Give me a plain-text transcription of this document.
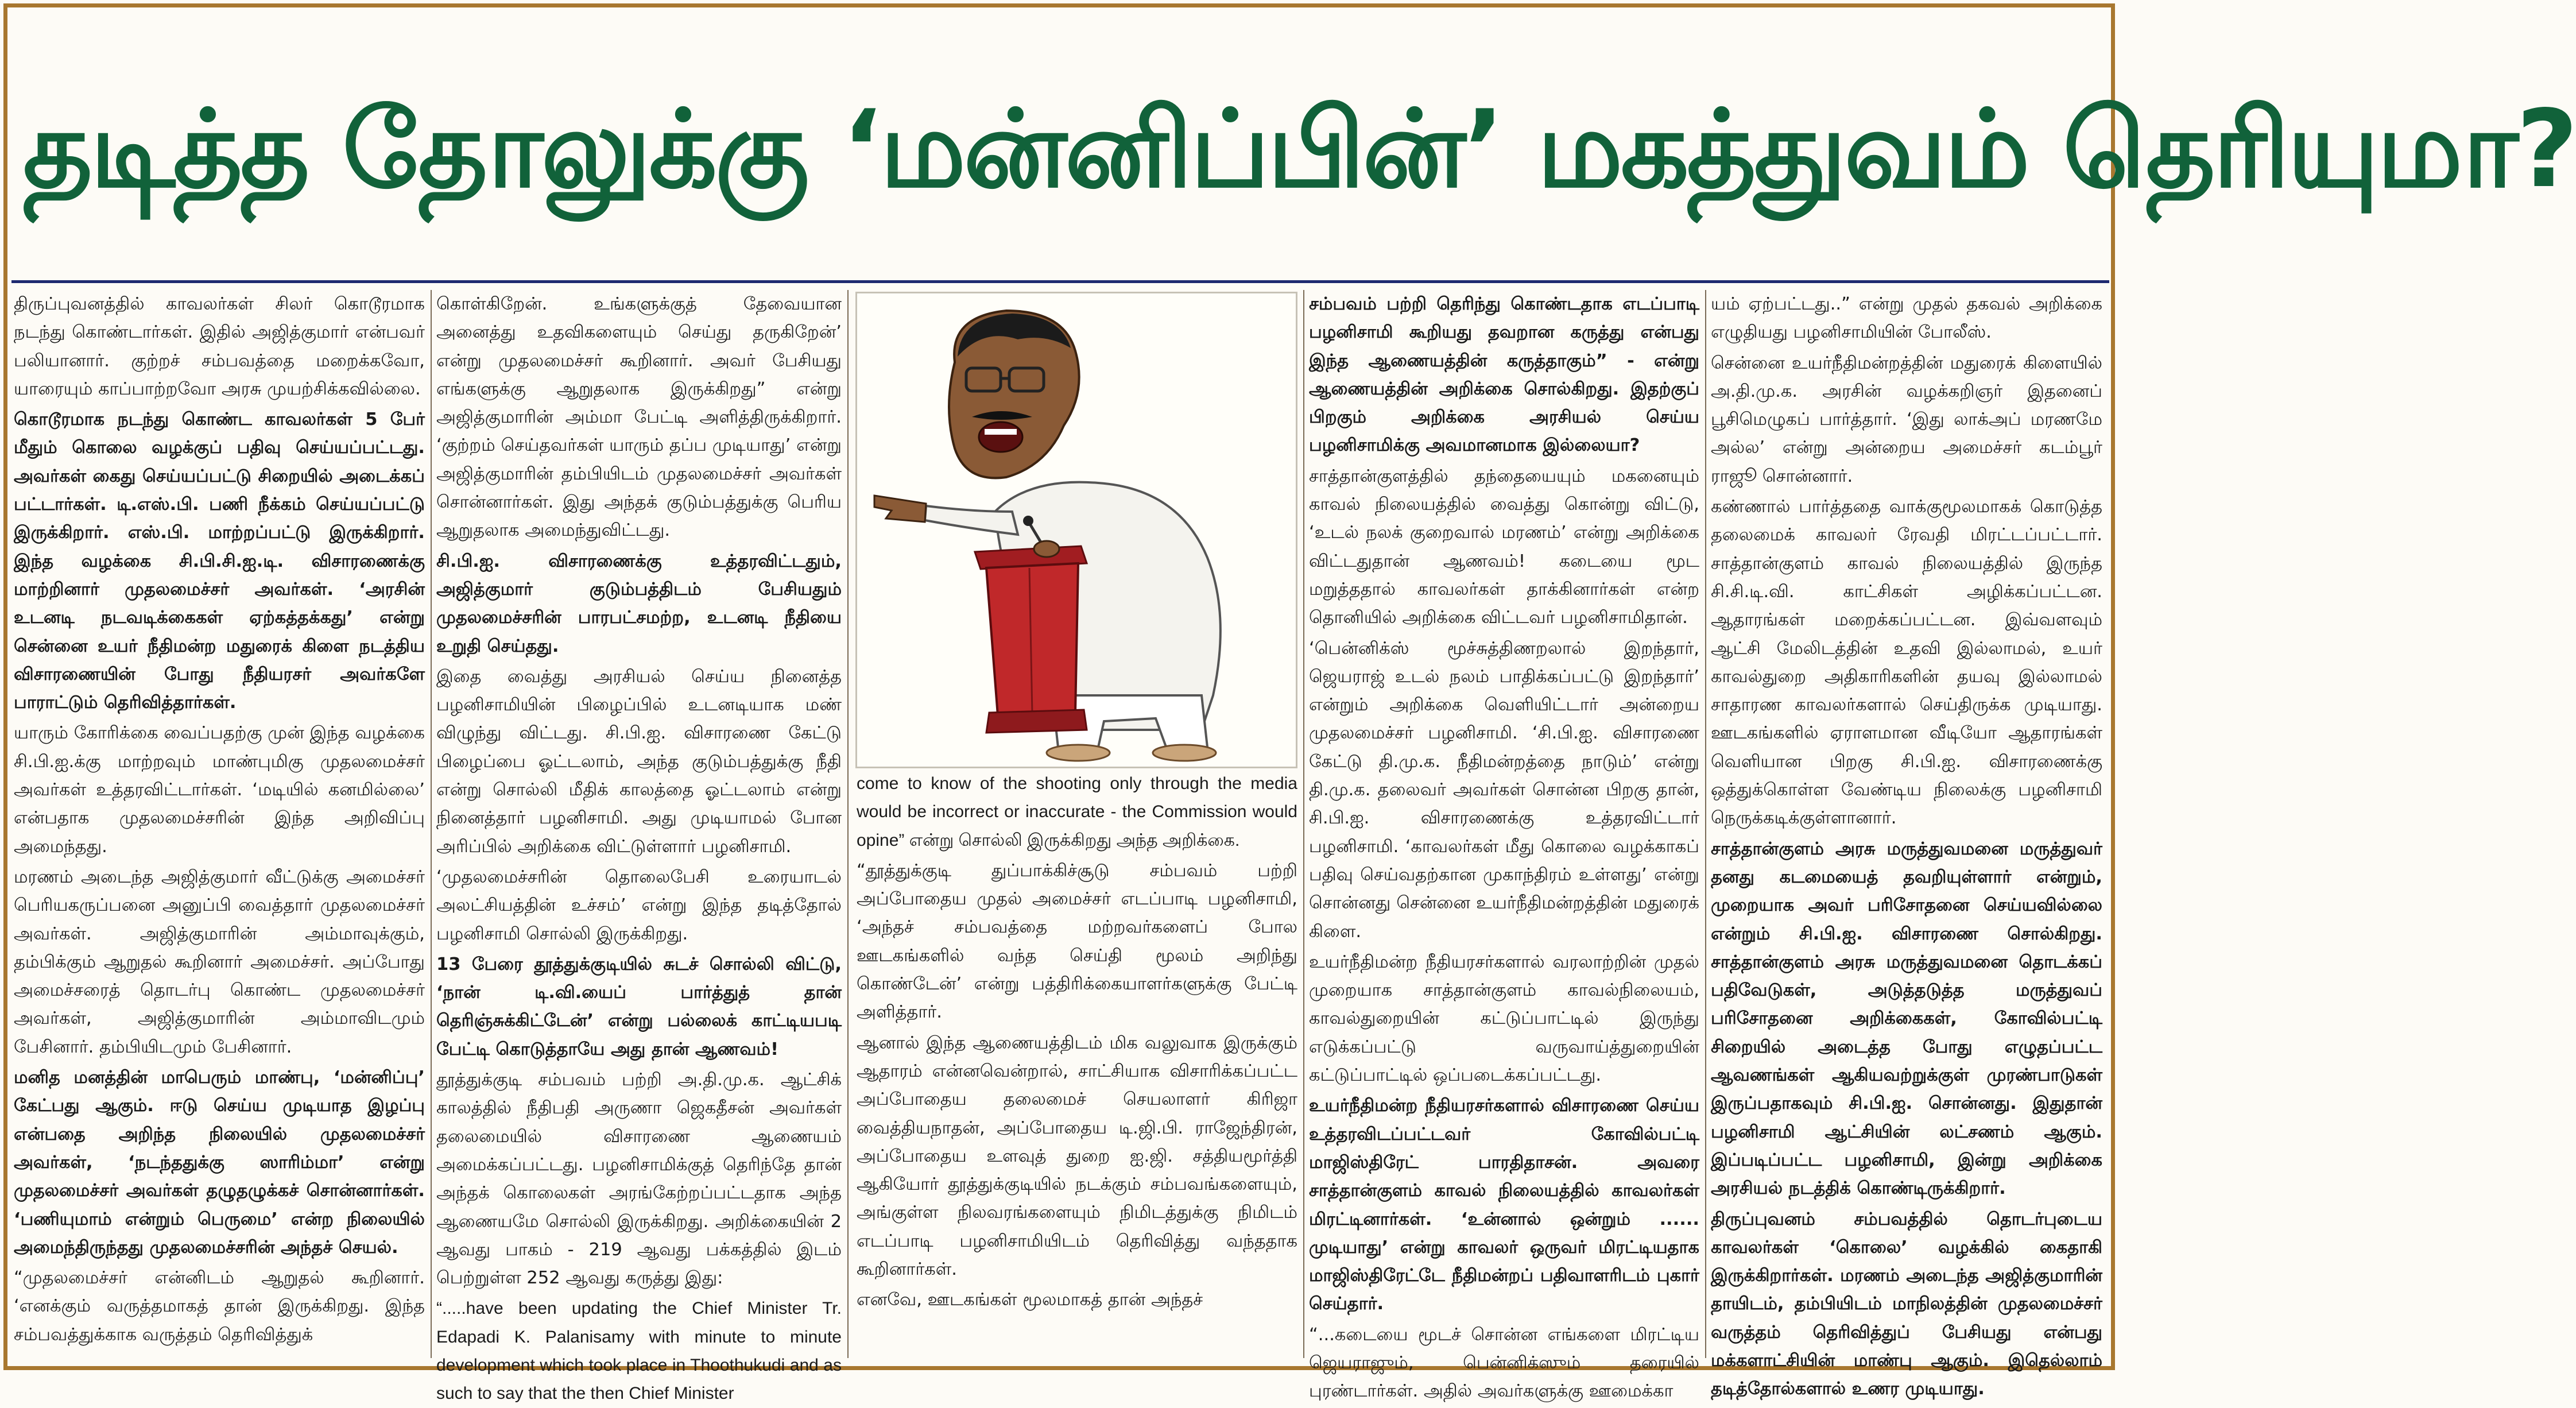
தடித்த தோலுக்கு ‘மன்னிப்பின்’ மகத்துவம் தெரியுமா?

திருப்புவனத்தில் காவலர்கள் சிலர் கொடூரமாக நடந்து கொண்டார்கள். இதில் அஜித்குமார் என்பவர் பலியானார். குற்றச் சம்பவத்தை மறைக்கவோ, யாரையும் காப்பாற்றவோ அரசு முயற்சிக்கவில்லை.

கொடூரமாக நடந்து கொண்ட காவலர்கள் 5 பேர் மீதும் கொலை வழக்குப் பதிவு செய்யப்பட்டது. அவர்கள் கைது செய்யப்பட்டு சிறையில் அடைக்கப் பட்டார்கள். டி.எஸ்.பி. பணி நீக்கம் செய்யப்பட்டு இருக்கிறார். எஸ்.பி. மாற்றப்பட்டு இருக்கிறார். இந்த வழக்கை சி.பி.சி.ஐ.டி. விசாரணைக்கு மாற்றினார் முதலமைச்சர் அவர்கள். ‘அரசின் உடனடி நடவடிக்கைகள் ஏற்கத்தக்கது’ என்று சென்னை உயர் நீதிமன்ற மதுரைக் கிளை நடத்திய விசாரணையின் போது நீதியரசர் அவர்களே பாராட்டும் தெரிவித்தார்கள்.

யாரும் கோரிக்கை வைப்பதற்கு முன் இந்த வழக்கை சி.பி.ஐ.க்கு மாற்றவும் மாண்புமிகு முதலமைச்சர் அவர்கள் உத்தரவிட்டார்கள். ‘மடியில் கனமில்லை’ என்பதாக முதலமைச்சரின் இந்த அறிவிப்பு அமைந்தது.

மரணம் அடைந்த அஜித்குமார் வீட்டுக்கு அமைச்சர் பெரியகருப்பனை அனுப்பி வைத்தார் முதலமைச்சர் அவர்கள். அஜித்குமாரின் அம்மாவுக்கும், தம்பிக்கும் ஆறுதல் கூறினார் அமைச்சர். அப்போது அமைச்சரைத் தொடர்பு கொண்ட முதலமைச்சர் அவர்கள், அஜித்குமாரின் அம்மாவிடமும் பேசினார். தம்பியிடமும் பேசினார்.

மனித மனத்தின் மாபெரும் மாண்பு, ‘மன்னிப்பு’ கேட்பது ஆகும். ஈடு செய்ய முடியாத இழப்பு என்பதை அறிந்த நிலையில் முதலமைச்சர் அவர்கள், ‘நடந்ததுக்கு ஸாரிம்மா’ என்று முதலமைச்சர் அவர்கள் தழுதழுக்கச் சொன்னார்கள். ‘பணியுமாம் என்றும் பெருமை’ என்ற நிலையில் அமைந்திருந்தது முதலமைச்சரின் அந்தச் செயல்.

“முதலமைச்சர் என்னிடம் ஆறுதல் கூறினார். ‘எனக்கும் வருத்தமாகத் தான் இருக்கிறது. இந்த சம்பவத்துக்காக வருத்தம் தெரிவித்துக்

கொள்கிறேன். உங்களுக்குத் தேவையான அனைத்து உதவிகளையும் செய்து தருகிறேன்’ என்று முதலமைச்சர் கூறினார். அவர் பேசியது எங்களுக்கு ஆறுதலாக இருக்கிறது” என்று அஜித்குமாரின் அம்மா பேட்டி அளித்திருக்கிறார். ‘குற்றம் செய்தவர்கள் யாரும் தப்ப முடியாது’ என்று அஜித்குமாரின் தம்பியிடம் முதலமைச்சர் அவர்கள் சொன்னார்கள். இது அந்தக் குடும்பத்துக்கு பெரிய ஆறுதலாக அமைந்துவிட்டது.

சி.பி.ஐ. விசாரணைக்கு உத்தரவிட்டதும், அஜித்குமார் குடும்பத்திடம் பேசியதும் முதலமைச்சரின் பாரபட்சமற்ற, உடனடி நீதியை உறுதி செய்தது.

இதை வைத்து அரசியல் செய்ய நினைத்த பழனிசாமியின் பிழைப்பில் உடனடியாக மண் விழுந்து விட்டது. சி.பி.ஐ. விசாரணை கேட்டு பிழைப்பை ஓட்டலாம், அந்த குடும்பத்துக்கு நீதி என்று சொல்லி மீதிக் காலத்தை ஓட்டலாம் என்று நினைத்தார் பழனிசாமி. அது முடியாமல் போன அரிப்பில் அறிக்கை விட்டுள்ளார் பழனிசாமி.

‘முதலமைச்சரின் தொலைபேசி உரையாடல் அலட்சியத்தின் உச்சம்’ என்று இந்த தடித்தோல் பழனிசாமி சொல்லி இருக்கிறது.

13 பேரை தூத்துக்குடியில் சுடச் சொல்லி விட்டு, ‘நான் டி.வி.யைப் பார்த்துத் தான் தெரிஞ்சுக்கிட்டேன்’ என்று பல்லைக் காட்டியபடி பேட்டி கொடுத்தாயே அது தான் ஆணவம்!

தூத்துக்குடி சம்பவம் பற்றி அ.தி.மு.க. ஆட்சிக் காலத்தில் நீதிபதி அருணா ஜெகதீசன் அவர்கள் தலைமையில் விசாரணை ஆணையம் அமைக்கப்பட்டது. பழனிசாமிக்குத் தெரிந்தே தான் அந்தக் கொலைகள் அரங்கேற்றப்பட்டதாக அந்த ஆணையமே சொல்லி இருக்கிறது. அறிக்கையின் 2 ஆவது பாகம் - 219 ஆவது பக்கத்தில் இடம் பெற்றுள்ள 252 ஆவது கருத்து இது:

“.....have been updating the Chief Minister Tr. Edapadi K. Palanisamy with minute to minute development which took place in Thoothukudi and as such to say that the then Chief Minister

come to know of the shooting only through the media would be incorrect or inaccurate - the Commission would opine” என்று சொல்லி இருக்கிறது அந்த அறிக்கை.

“தூத்துக்குடி துப்பாக்கிச்சூடு சம்பவம் பற்றி அப்போதைய முதல் அமைச்சர் எடப்பாடி பழனிசாமி, ‘அந்தச் சம்பவத்தை மற்றவர்களைப் போல ஊடகங்களில் வந்த செய்தி மூலம் அறிந்து கொண்டேன்’ என்று பத்திரிக்கையாளர்களுக்கு பேட்டி அளித்தார்.

ஆனால் இந்த ஆணையத்திடம் மிக வலுவாக இருக்கும் ஆதாரம் என்னவென்றால், சாட்சியாக விசாரிக்கப்பட்ட அப்போதைய தலைமைச் செயலாளர் கிரிஜா வைத்தியநாதன், அப்போதைய டி.ஜி.பி. ராஜேந்திரன், அப்போதைய உளவுத் துறை ஐ.ஜி. சத்தியமூர்த்தி ஆகியோர் தூத்துக்குடியில் நடக்கும் சம்பவங்களையும், அங்குள்ள நிலவரங்களையும் நிமிடத்துக்கு நிமிடம் எடப்பாடி பழனிசாமியிடம் தெரிவித்து வந்ததாக கூறினார்கள்.

எனவே, ஊடகங்கள் மூலமாகத் தான் அந்தச்

சம்பவம் பற்றி தெரிந்து கொண்டதாக எடப்பாடி பழனிசாமி கூறியது தவறான கருத்து என்பது இந்த ஆணையத்தின் கருத்தாகும்” - என்று ஆணையத்தின் அறிக்கை சொல்கிறது. இதற்குப் பிறகும் அறிக்கை அரசியல் செய்ய பழனிசாமிக்கு அவமானமாக இல்லையா?

சாத்தான்குளத்தில் தந்தையையும் மகனையும் காவல் நிலையத்தில் வைத்து கொன்று விட்டு, ‘உடல் நலக் குறைவால் மரணம்’ என்று அறிக்கை விட்டதுதான் ஆணவம்! கடையை மூட மறுத்ததால் காவலர்கள் தாக்கினார்கள் என்ற தொனியில் அறிக்கை விட்டவர் பழனிசாமிதான்.

‘பென்னிக்ஸ் மூச்சுத்திணறலால் இறந்தார், ஜெயராஜ் உடல் நலம் பாதிக்கப்பட்டு இறந்தார்’ என்றும் அறிக்கை வெளியிட்டார் அன்றைய முதலமைச்சர் பழனிசாமி. ‘சி.பி.ஐ. விசாரணை கேட்டு தி.மு.க. நீதிமன்றத்தை நாடும்’ என்று தி.மு.க. தலைவர் அவர்கள் சொன்ன பிறகு தான், சி.பி.ஐ. விசாரணைக்கு உத்தரவிட்டார் பழனிசாமி. ‘காவலர்கள் மீது கொலை வழக்காகப் பதிவு செய்வதற்கான முகாந்திரம் உள்ளது’ என்று சொன்னது சென்னை உயர்நீதிமன்றத்தின் மதுரைக் கிளை.

உயர்நீதிமன்ற நீதியரசர்களால் வரலாற்றின் முதல் முறையாக சாத்தான்குளம் காவல்நிலையம், காவல்துறையின் கட்டுப்பாட்டில் இருந்து எடுக்கப்பட்டு வருவாய்த்துறையின் கட்டுப்பாட்டில் ஒப்படைக்கப்பட்டது.

உயர்நீதிமன்ற நீதியரசர்களால் விசாரணை செய்ய உத்தரவிடப்பட்டவர் கோவில்பட்டி மாஜிஸ்திரேட் பாரதிதாசன். அவரை சாத்தான்குளம் காவல் நிலையத்தில் காவலர்கள் மிரட்டினார்கள். ‘உன்னால் ஒன்றும் ...... முடியாது’ என்று காவலர் ஒருவர் மிரட்டியதாக மாஜிஸ்திரேட்டே நீதிமன்றப் பதிவாளரிடம் புகார் செய்தார்.

“...கடையை மூடச் சொன்ன எங்களை மிரட்டிய ஜெயராஜும், பென்னிக்ஸும் தரையில் புரண்டார்கள். அதில் அவர்களுக்கு ஊமைக்கா

யம் ஏற்பட்டது..” என்று முதல் தகவல் அறிக்கை எழுதியது பழனிசாமியின் போலீஸ்.

சென்னை உயர்நீதிமன்றத்தின் மதுரைக் கிளையில் அ.தி.மு.க. அரசின் வழக்கறிஞர் இதனைப் பூசிமெழுகப் பார்த்தார். ‘இது லாக்அப் மரணமே அல்ல’ என்று அன்றைய அமைச்சர் கடம்பூர் ராஜூ சொன்னார்.

கண்ணால் பார்த்ததை வாக்குமூலமாகக் கொடுத்த தலைமைக் காவலர் ரேவதி மிரட்டப்பட்டார். சாத்தான்குளம் காவல் நிலையத்தில் இருந்த சி.சி.டி.வி. காட்சிகள் அழிக்கப்பட்டன. ஆதாரங்கள் மறைக்கப்பட்டன. இவ்வளவும் ஆட்சி மேலிடத்தின் உதவி இல்லாமல், உயர் காவல்துறை அதிகாரிகளின் தயவு இல்லாமல் சாதாரண காவலர்களால் செய்திருக்க முடியாது. ஊடகங்களில் ஏராளமான வீடியோ ஆதாரங்கள் வெளியான பிறகு சி.பி.ஐ. விசாரணைக்கு ஒத்துக்கொள்ள வேண்டிய நிலைக்கு பழனிசாமி நெருக்கடிக்குள்ளானார்.

சாத்தான்குளம் அரசு மருத்துவமனை மருத்துவர் தனது கடமையைத் தவறியுள்ளார் என்றும், முறையாக அவர் பரிசோதனை செய்யவில்லை என்றும் சி.பி.ஐ. விசாரணை சொல்கிறது. சாத்தான்குளம் அரசு மருத்துவமனை தொடக்கப் பதிவேடுகள், அடுத்தடுத்த மருத்துவப் பரிசோதனை அறிக்கைகள், கோவில்பட்டி சிறையில் அடைத்த போது எழுதப்பட்ட ஆவணங்கள் ஆகியவற்றுக்குள் முரண்பாடுகள் இருப்பதாகவும் சி.பி.ஐ. சொன்னது. இதுதான் பழனிசாமி ஆட்சியின் லட்சணம் ஆகும். இப்படிப்பட்ட பழனிசாமி, இன்று அறிக்கை அரசியல் நடத்திக் கொண்டிருக்கிறார்.

திருப்புவனம் சம்பவத்தில் தொடர்புடைய காவலர்கள் ‘கொலை’ வழக்கில் கைதாகி இருக்கிறார்கள். மரணம் அடைந்த அஜித்குமாரின் தாயிடம், தம்பியிடம் மாநிலத்தின் முதலமைச்சர் வருத்தம் தெரிவித்துப் பேசியது என்பது மக்களாட்சியின் மாண்பு ஆகும். இதெல்லாம் தடித்தோல்களால் உணர முடியாது.
